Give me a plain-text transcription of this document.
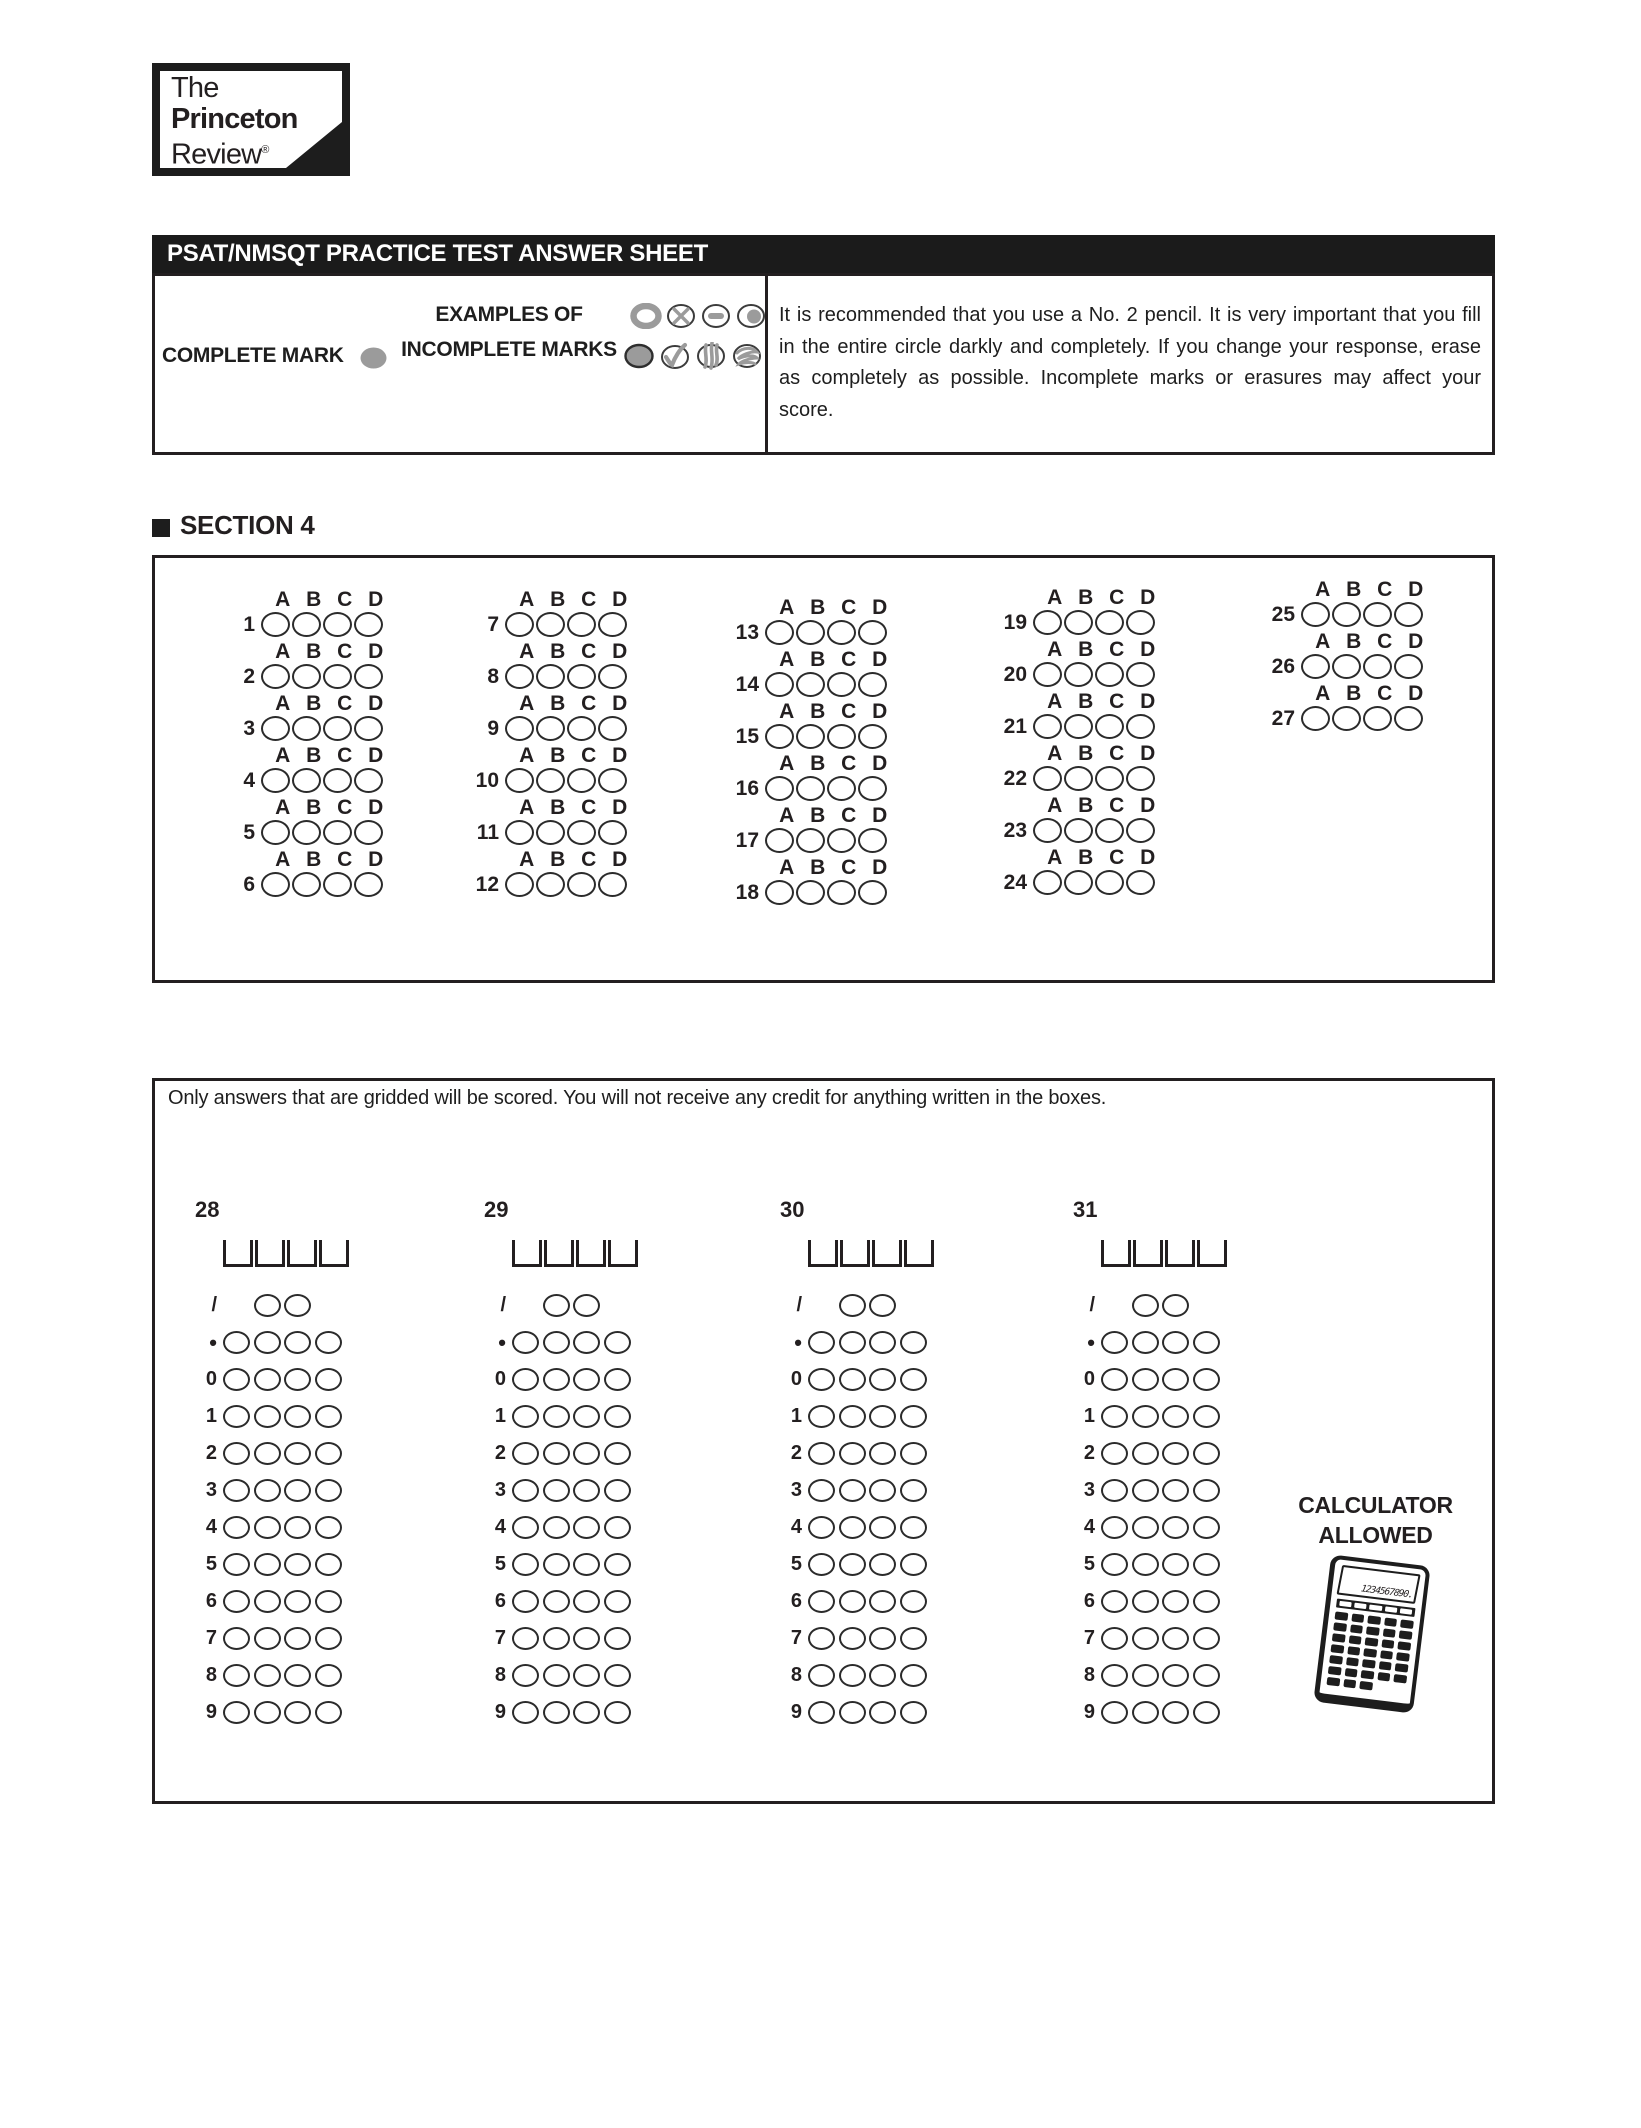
The
Princeton
Review®
PSAT/NMSQT PRACTICE TEST ANSWER SHEET
EXAMPLES OF
INCOMPLETE MARKS
COMPLETE MARK
It is recommended that you use a No. 2 pencil. It is very important that you fill in the entire circle darkly and completely. If you change your response, erase as completely as possible. Incomplete marks or erasures may affect your score.
SECTION 4
A B C D
1
A B C D
2
A B C D
3
A B C D
4
A B C D
5
A B C D
6
A B C D
7
A B C D
8
A B C D
9
A B C D
10
A B C D
11
A B C D
12
A B C D
13
A B C D
14
A B C D
15
A B C D
16
A B C D
17
A B C D
18
A B C D
19
A B C D
20
A B C D
21
A B C D
22
A B C D
23
A B C D
24
A B C D
25
A B C D
26
A B C D
27
28
/
•
0
1
2
3
4
5
6
7
8
9
29
/
•
0
1
2
3
4
5
6
7
8
9
30
/
•
0
1
2
3
4
5
6
7
8
9
31
/
•
0
1
2
3
4
5
6
7
8
9
Only answers that are gridded will be scored. You will not receive any credit for anything written in the boxes.
CALCULATOR
ALLOWED
1234567890.
